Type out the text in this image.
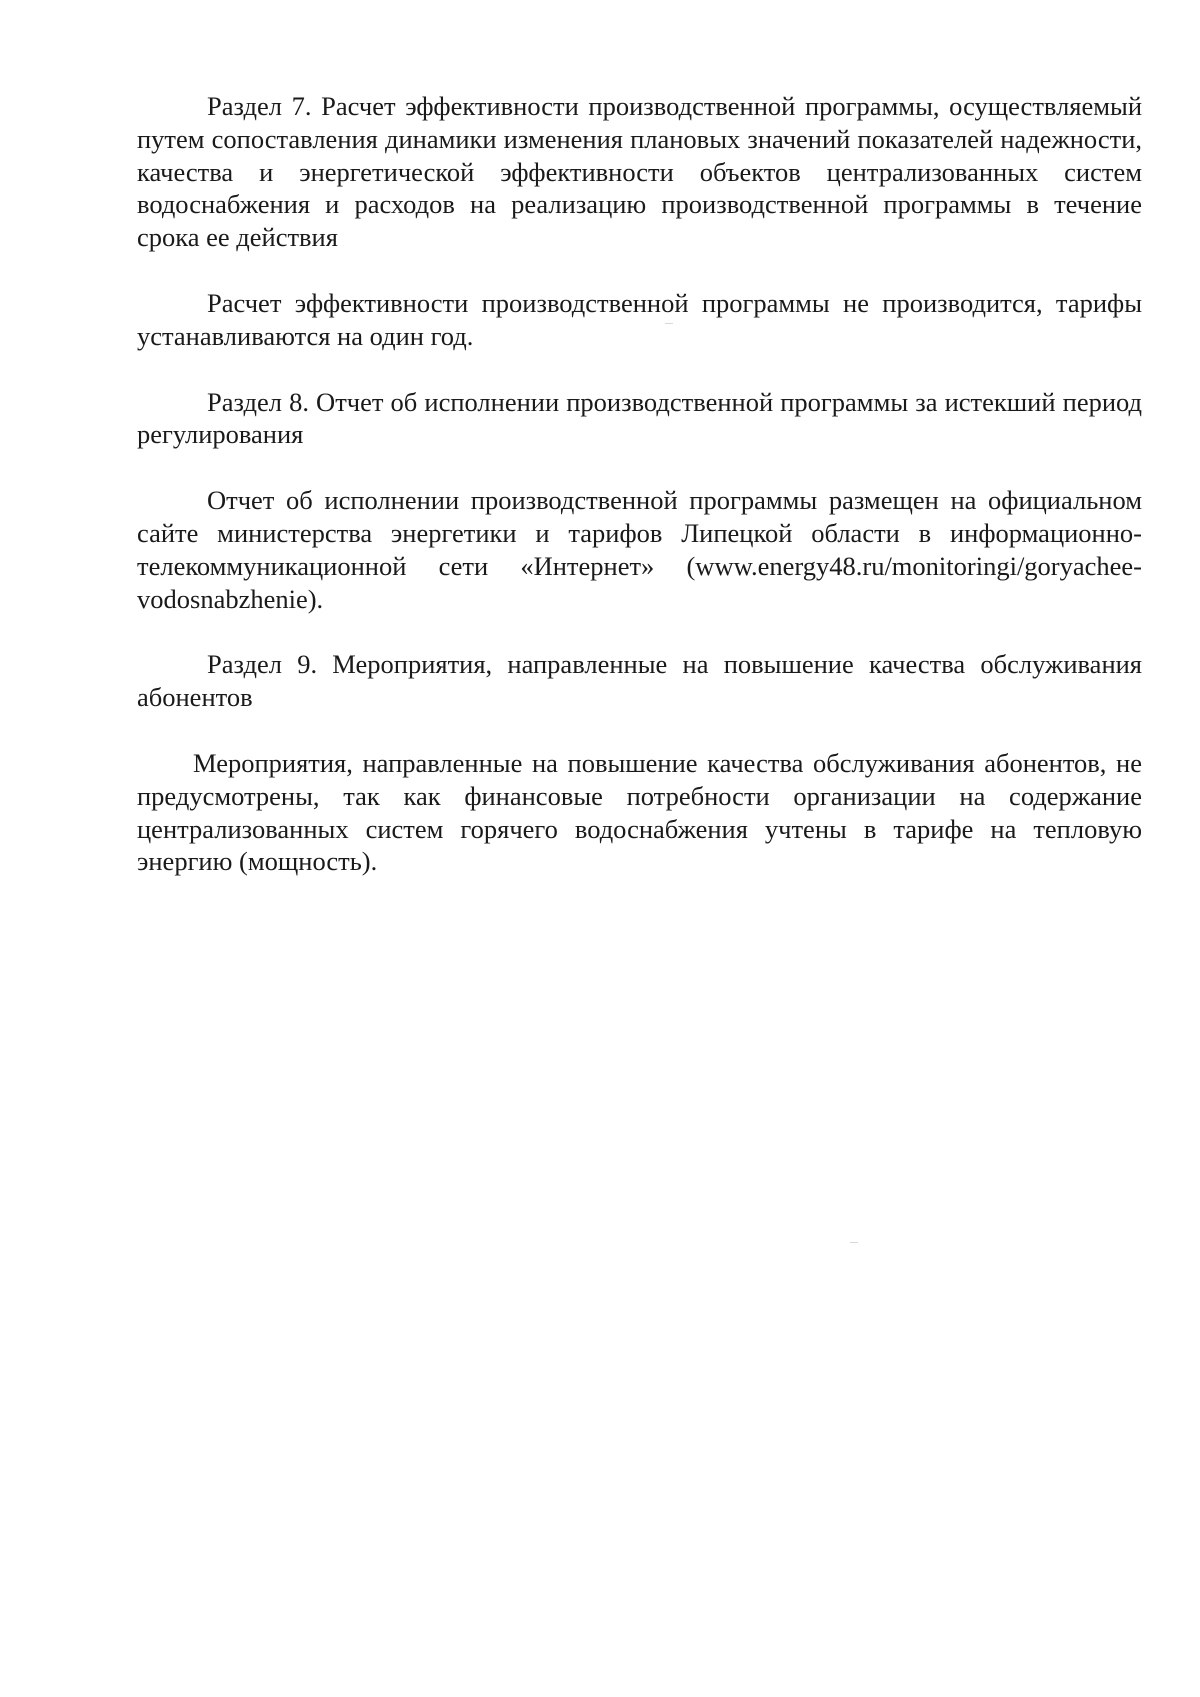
Раздел 7. Расчет эффективности производственной программы, осуществляемый путем сопоставления динамики изменения плановых значений показателей надежности, качества и энергетической эффективности объектов централизованных систем водоснабжения и расходов на реализацию производственной программы в течение срока ее действия

Расчет эффективности производственной программы не производится, тарифы устанавливаются на один год.

Раздел 8. Отчет об исполнении производственной программы за истекший период регулирования

Отчет об исполнении производственной программы размещен на официальном сайте министерства энергетики и тарифов Липецкой области в информационно-телекоммуникационной сети «Интернет» (www.energy48.ru/monitoringi/goryachee-vodosnabzhenie).

Раздел 9. Мероприятия, направленные на повышение качества обслуживания абонентов

Мероприятия, направленные на повышение качества обслуживания абонентов, не предусмотрены, так как финансовые потребности организации на содержание централизованных систем горячего водоснабжения учтены в тарифе на тепловую энергию (мощность).
